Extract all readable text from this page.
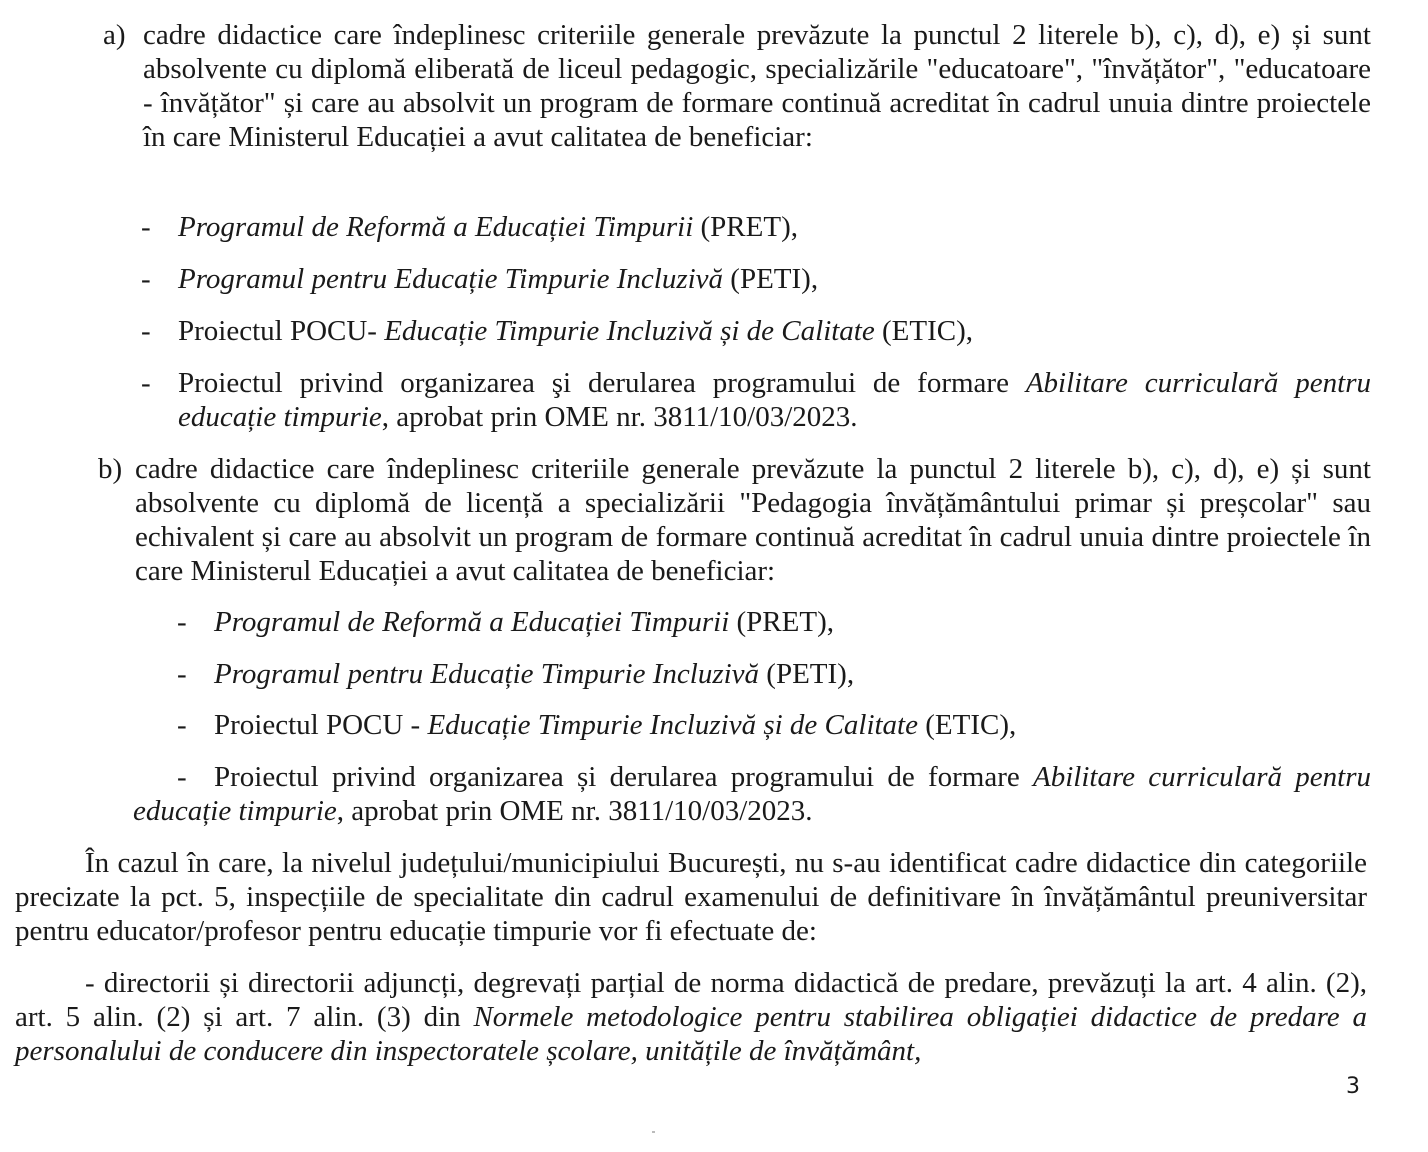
a) cadre didactice care îndeplinesc criteriile generale prevăzute la punctul 2 literele b), c), d), e) și sunt absolvente cu diplomă eliberată de liceul pedagogic, specializările "educatoare", "învățător", "educatoare - învățător" și care au absolvit un program de formare continuă acreditat în cadrul unuia dintre proiectele în care Ministerul Educației a avut calitatea de beneficiar:

- Programul de Reformă a Educației Timpurii (PRET),

- Programul pentru Educație Timpurie Incluzivă (PETI),

- Proiectul POCU- Educație Timpurie Incluzivă și de Calitate (ETIC),

- Proiectul privind organizarea şi derularea programului de formare Abilitare curriculară pentru educație timpurie, aprobat prin OME nr. 3811/10/03/2023.

b) cadre didactice care îndeplinesc criteriile generale prevăzute la punctul 2 literele b), c), d), e) și sunt absolvente cu diplomă de licență a specializării "Pedagogia învățământului primar și preșcolar" sau echivalent și care au absolvit un program de formare continuă acreditat în cadrul unuia dintre proiectele în care Ministerul Educației a avut calitatea de beneficiar:

- Programul de Reformă a Educației Timpurii (PRET),

- Programul pentru Educație Timpurie Incluzivă (PETI),

- Proiectul POCU - Educație Timpurie Incluzivă și de Calitate (ETIC),

- Proiectul privind organizarea și derularea programului de formare Abilitare curriculară pentru educație timpurie, aprobat prin OME nr. 3811/10/03/2023.

În cazul în care, la nivelul județului/municipiului București, nu s-au identificat cadre didactice din categoriile precizate la pct. 5, inspecțiile de specialitate din cadrul examenului de definitivare în învățământul preuniversitar pentru educator/profesor pentru educație timpurie vor fi efectuate de:

- directorii și directorii adjuncți, degrevați parțial de norma didactică de predare, prevăzuți la art. 4 alin. (2), art. 5 alin. (2) și art. 7 alin. (3) din Normele metodologice pentru stabilirea obligației didactice de predare a personalului de conducere din inspectoratele școlare, unitățile de învățământ,

3
